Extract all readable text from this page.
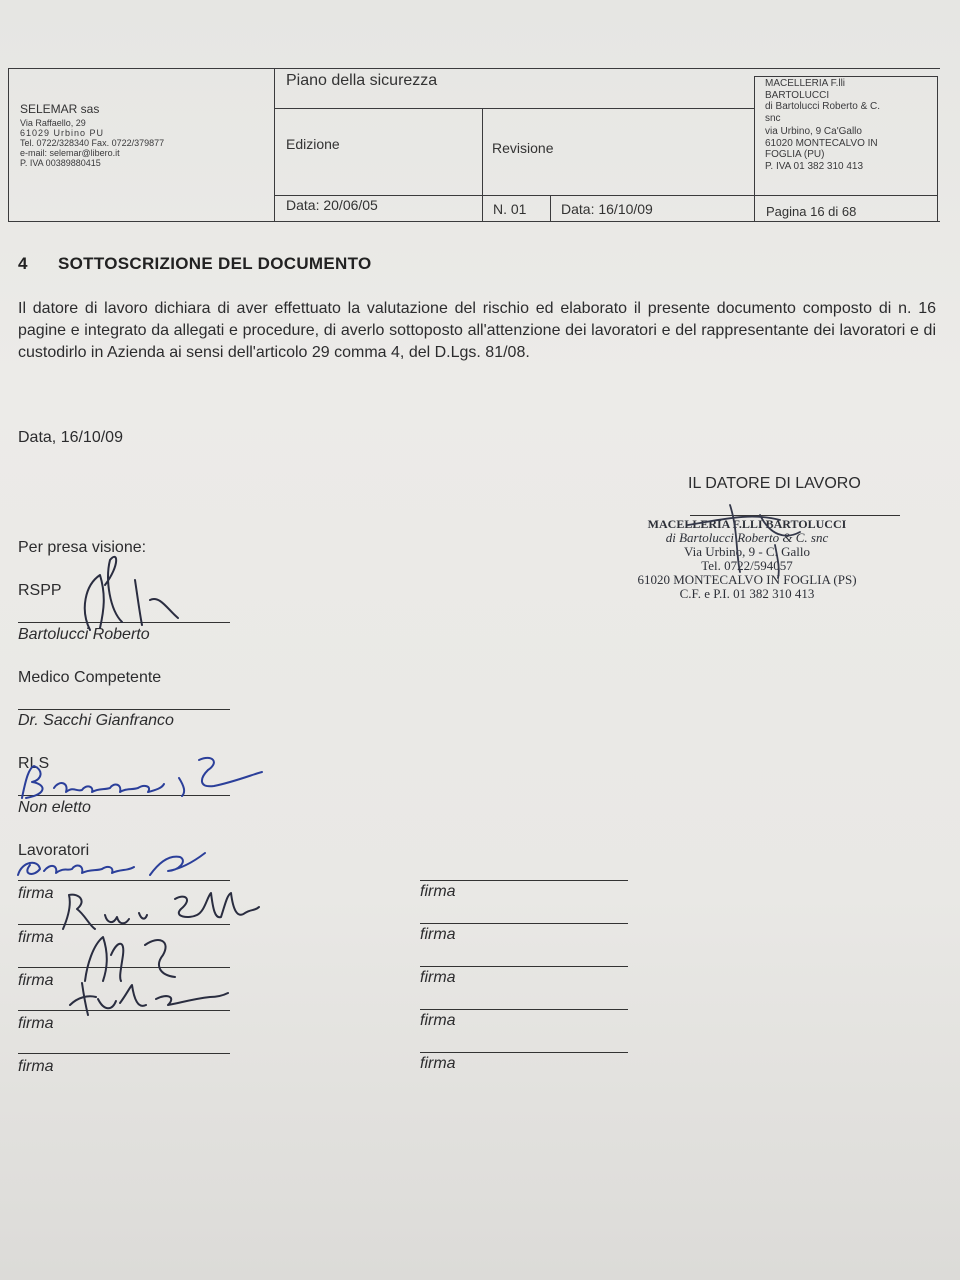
SELEMAR sas
Via Raffaello, 29
61029 Urbino PU
Tel. 0722/328340 Fax. 0722/379877
e-mail: selemar@libero.it
P. IVA 00389880415
Piano della sicurezza
Edizione	Revisione
Data: 20/06/05	N. 01 Data: 16/10/09
MACELLERIA F.lli
BARTOLUCCI
di Bartolucci Roberto & C.
snc
via Urbino, 9 Ca'Gallo
61020 MONTECALVO IN
FOGLIA (PU)
P. IVA 01 382 310 413
Pagina 16 di 68
4 SOTTOSCRIZIONE DEL DOCUMENTO
Il datore di lavoro dichiara di aver effettuato la valutazione del rischio ed elaborato il presente documento composto di n. 16 pagine e integrato da allegati e procedure, di averlo sottoposto all'attenzione dei lavoratori e del rappresentante dei lavoratori e di custodirlo in Azienda ai sensi dell'articolo 29 comma 4, del D.Lgs. 81/08.
Data, 16/10/09
IL DATORE DI LAVORO
MACELLERIA F.LLI BARTOLUCCI
di Bartolucci Roberto & C. snc
Via Urbino, 9 - C. Gallo
Tel. 0722/594057
61020 MONTECALVO IN FOGLIA (PS)
C.F. e P.I. 01 382 310 413
Per presa visione:
RSPP
Bartolucci Roberto
Medico Competente
Dr. Sacchi Gianfranco
RLS
Non eletto
Lavoratori
firma
firma
firma
firma
firma
firma
firma
firma
firma
firma
